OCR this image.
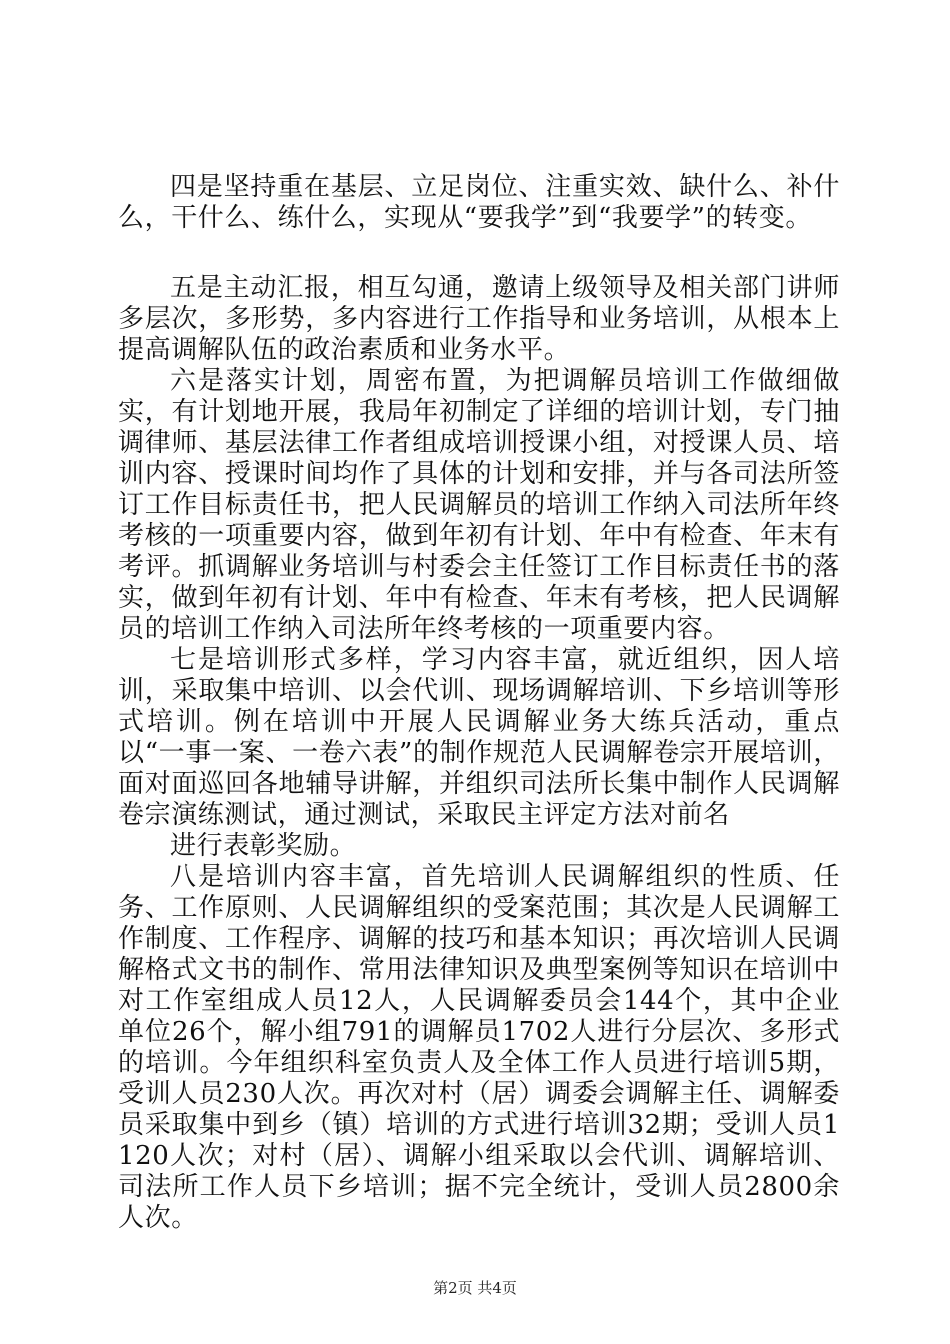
四是坚持重在基层、立足岗位、注重实效、缺什么、补什么，干什么、练什么，实现从“要我学”到“我要学”的转变。

五是主动汇报，相互勾通，邀请上级领导及相关部门讲师多层次，多形势，多内容进行工作指导和业务培训，从根本上提高调解队伍的政治素质和业务水平。

六是落实计划，周密布置，为把调解员培训工作做细做实，有计划地开展，我局年初制定了详细的培训计划，专门抽调律师、基层法律工作者组成培训授课小组，对授课人员、培训内容、授课时间均作了具体的计划和安排，并与各司法所签订工作目标责任书，把人民调解员的培训工作纳入司法所年终考核的一项重要内容，做到年初有计划、年中有检查、年末有考评。抓调解业务培训与村委会主任签订工作目标责任书的落实，做到年初有计划、年中有检查、年末有考核，把人民调解员的培训工作纳入司法所年终考核的一项重要内容。

七是培训形式多样，学习内容丰富，就近组织，因人培训，采取集中培训、以会代训、现场调解培训、下乡培训等形式培训。例在培训中开展人民调解业务大练兵活动，重点以“一事一案、一卷六表”的制作规范人民调解卷宗开展培训，面对面巡回各地辅导讲解，并组织司法所长集中制作人民调解卷宗演练测试，通过测试，采取民主评定方法对前名

进行表彰奖励。

八是培训内容丰富，首先培训人民调解组织的性质、任务、工作原则、人民调解组织的受案范围；其次是人民调解工作制度、工作程序、调解的技巧和基本知识；再次培训人民调解格式文书的制作、常用法律知识及典型案例等知识在培训中对工作室组成人员12人，人民调解委员会144个，其中企业单位26个，解小组791的调解员1702人进行分层次、多形式的培训。今年组织科室负责人及全体工作人员进行培训5期，受训人员230人次。再次对村（居）调委会调解主任、调解委员采取集中到乡（镇）培训的方式进行培训32期；受训人员1120人次；对村（居）、调解小组采取以会代训、调解培训、司法所工作人员下乡培训；据不完全统计，受训人员2800余人次。

第2页 共4页
